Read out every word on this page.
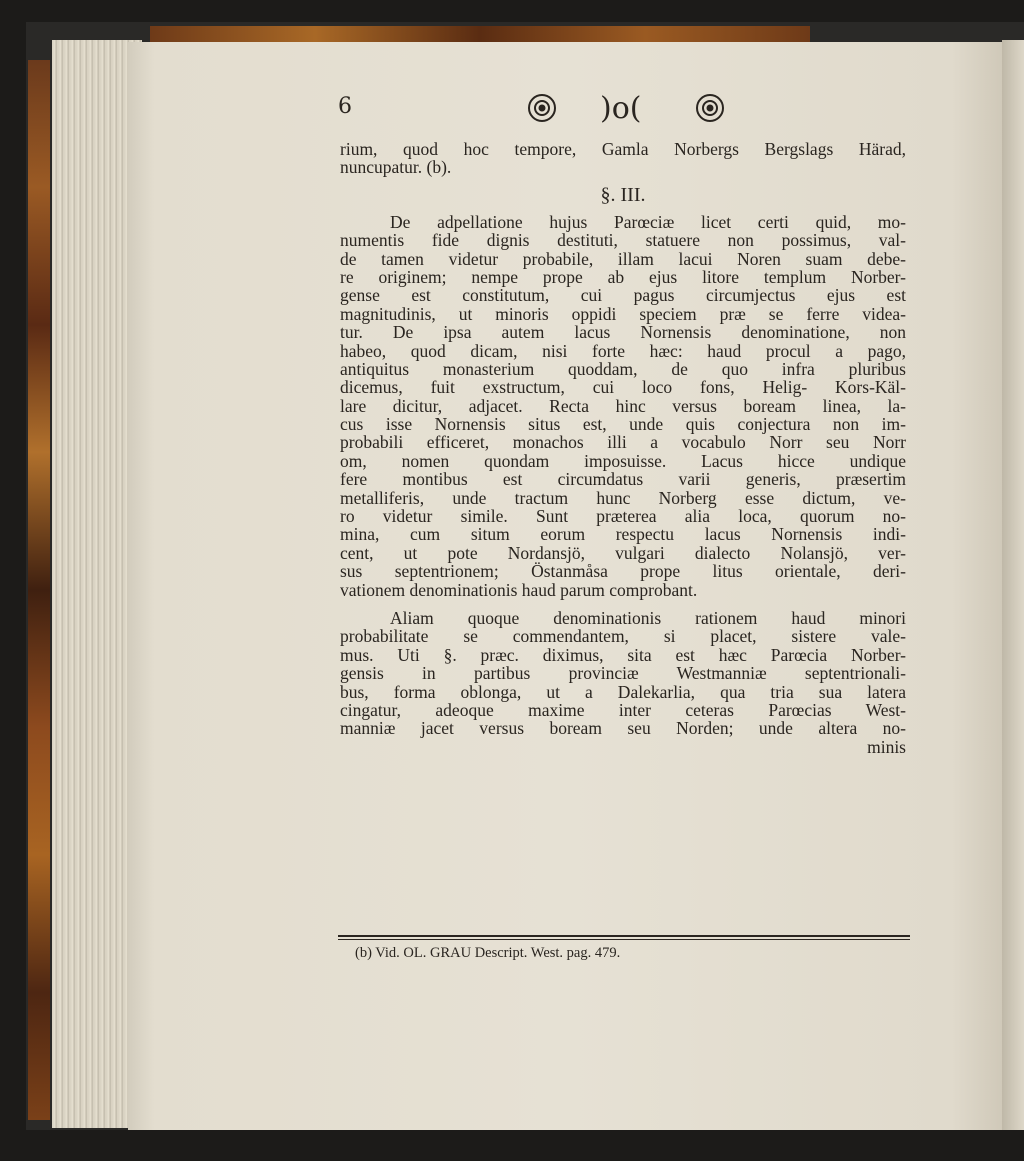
6	)o(
rium, quod hoc tempore, Gamla Norbergs Bergslags Härad,
nuncupatur. (b).
§. III.
De adpellatione hujus Parœciæ licet certi quid, mo-
numentis fide dignis destituti, statuere non possimus, val-
de tamen videtur probabile, illam lacui Noren suam debe-
re originem; nempe prope ab ejus litore templum Norber-
gense est constitutum, cui pagus circumjectus ejus est
magnitudinis, ut minoris oppidi speciem præ se ferre videa-
tur. De ipsa autem lacus Nornensis denominatione, non
habeo, quod dicam, nisi forte hæc: haud procul a pago,
antiquitus monasterium quoddam, de quo infra pluribus
dicemus, fuit exstructum, cui loco fons, Helig- Kors-Käl-
lare dicitur, adjacet. Recta hinc versus boream linea, la-
cus isse Nornensis situs est, unde quis conjectura non im-
probabili efficeret, monachos illi a vocabulo Norr seu Norr
om, nomen quondam imposuisse. Lacus hicce undique
fere montibus est circumdatus varii generis, præsertim
metalliferis, unde tractum hunc Norberg esse dictum, ve-
ro videtur simile. Sunt præterea alia loca, quorum no-
mina, cum situm eorum respectu lacus Nornensis indi-
cent, ut pote Nordansjö, vulgari dialecto Nolansjö, ver-
sus septentrionem; Östanmåsa prope litus orientale, deri-
vationem denominationis haud parum comprobant.
Aliam quoque denominationis rationem haud minori
probabilitate se commendantem, si placet, sistere vale-
mus. Uti §. præc. diximus, sita est hæc Parœcia Norber-
gensis in partibus provinciæ Westmanniæ septentrionali-
bus, forma oblonga, ut a Dalekarlia, qua tria sua latera
cingatur, adeoque maxime inter ceteras Parœcias West-
manniæ jacet versus boream seu Norden; unde altera no-
minis
(b) Vid. OL. GRAU Descript. West. pag. 479.
